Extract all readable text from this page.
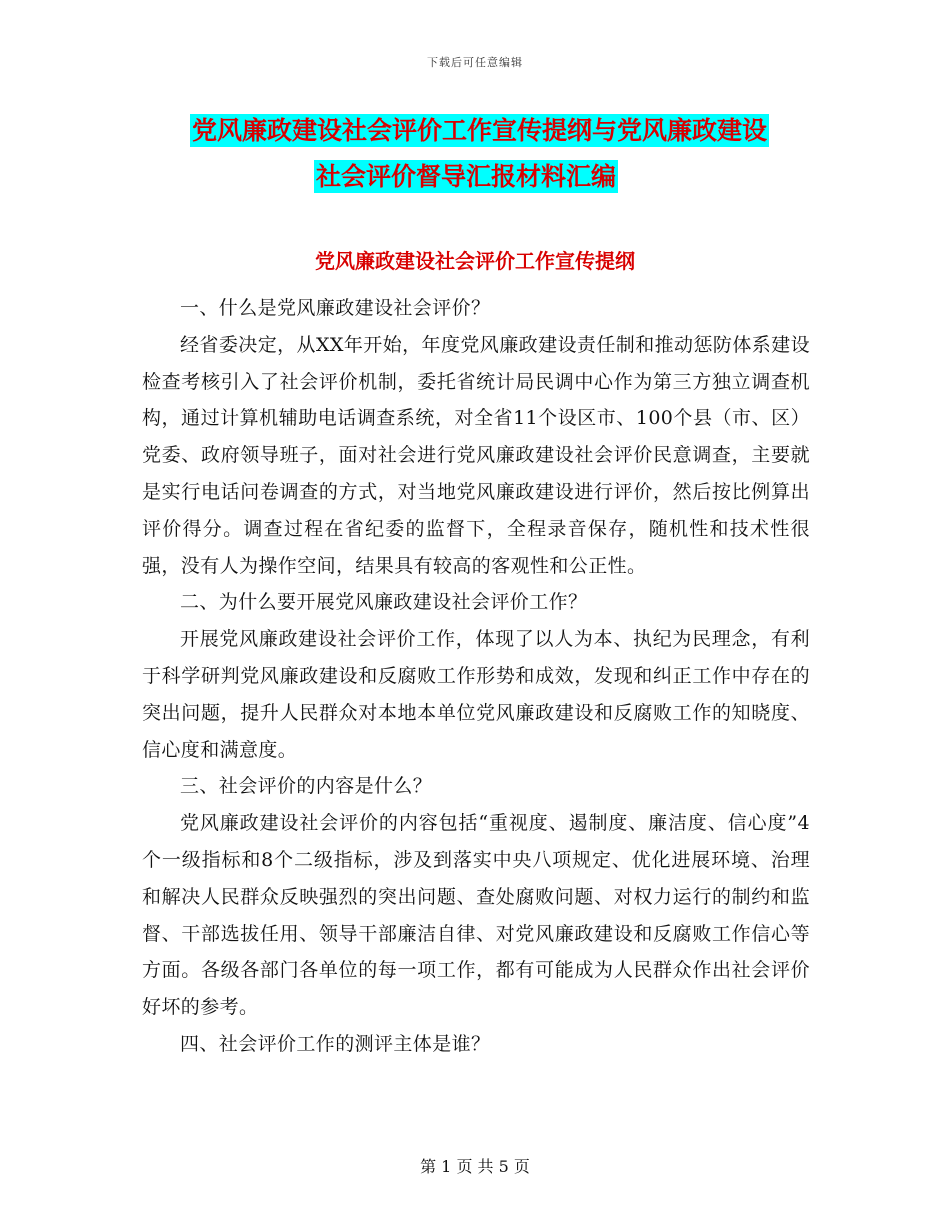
下载后可任意编辑
党风廉政建设社会评价工作宣传提纲与党风廉政建设
社会评价督导汇报材料汇编
党风廉政建设社会评价工作宣传提纲

一、什么是党风廉政建设社会评价？

经省委决定，从XX年开始，年度党风廉政建设责任制和推动惩防体系建设检查考核引入了社会评价机制，委托省统计局民调中心作为第三方独立调查机构，通过计算机辅助电话调查系统，对全省11个设区市、100个县（市、区）党委、政府领导班子，面对社会进行党风廉政建设社会评价民意调查，主要就是实行电话问卷调查的方式，对当地党风廉政建设进行评价，然后按比例算出评价得分。调查过程在省纪委的监督下，全程录音保存，随机性和技术性很强，没有人为操作空间，结果具有较高的客观性和公正性。

二、为什么要开展党风廉政建设社会评价工作？

开展党风廉政建设社会评价工作，体现了以人为本、执纪为民理念，有利于科学研判党风廉政建设和反腐败工作形势和成效，发现和纠正工作中存在的突出问题，提升人民群众对本地本单位党风廉政建设和反腐败工作的知晓度、信心度和满意度。

三、社会评价的内容是什么？

党风廉政建设社会评价的内容包括“重视度、遏制度、廉洁度、信心度”4个一级指标和8个二级指标，涉及到落实中央八项规定、优化进展环境、治理和解决人民群众反映强烈的突出问题、查处腐败问题、对权力运行的制约和监督、干部选拔任用、领导干部廉洁自律、对党风廉政建设和反腐败工作信心等方面。各级各部门各单位的每一项工作，都有可能成为人民群众作出社会评价好坏的参考。

四、社会评价工作的测评主体是谁？

第 1 页 共 5 页
